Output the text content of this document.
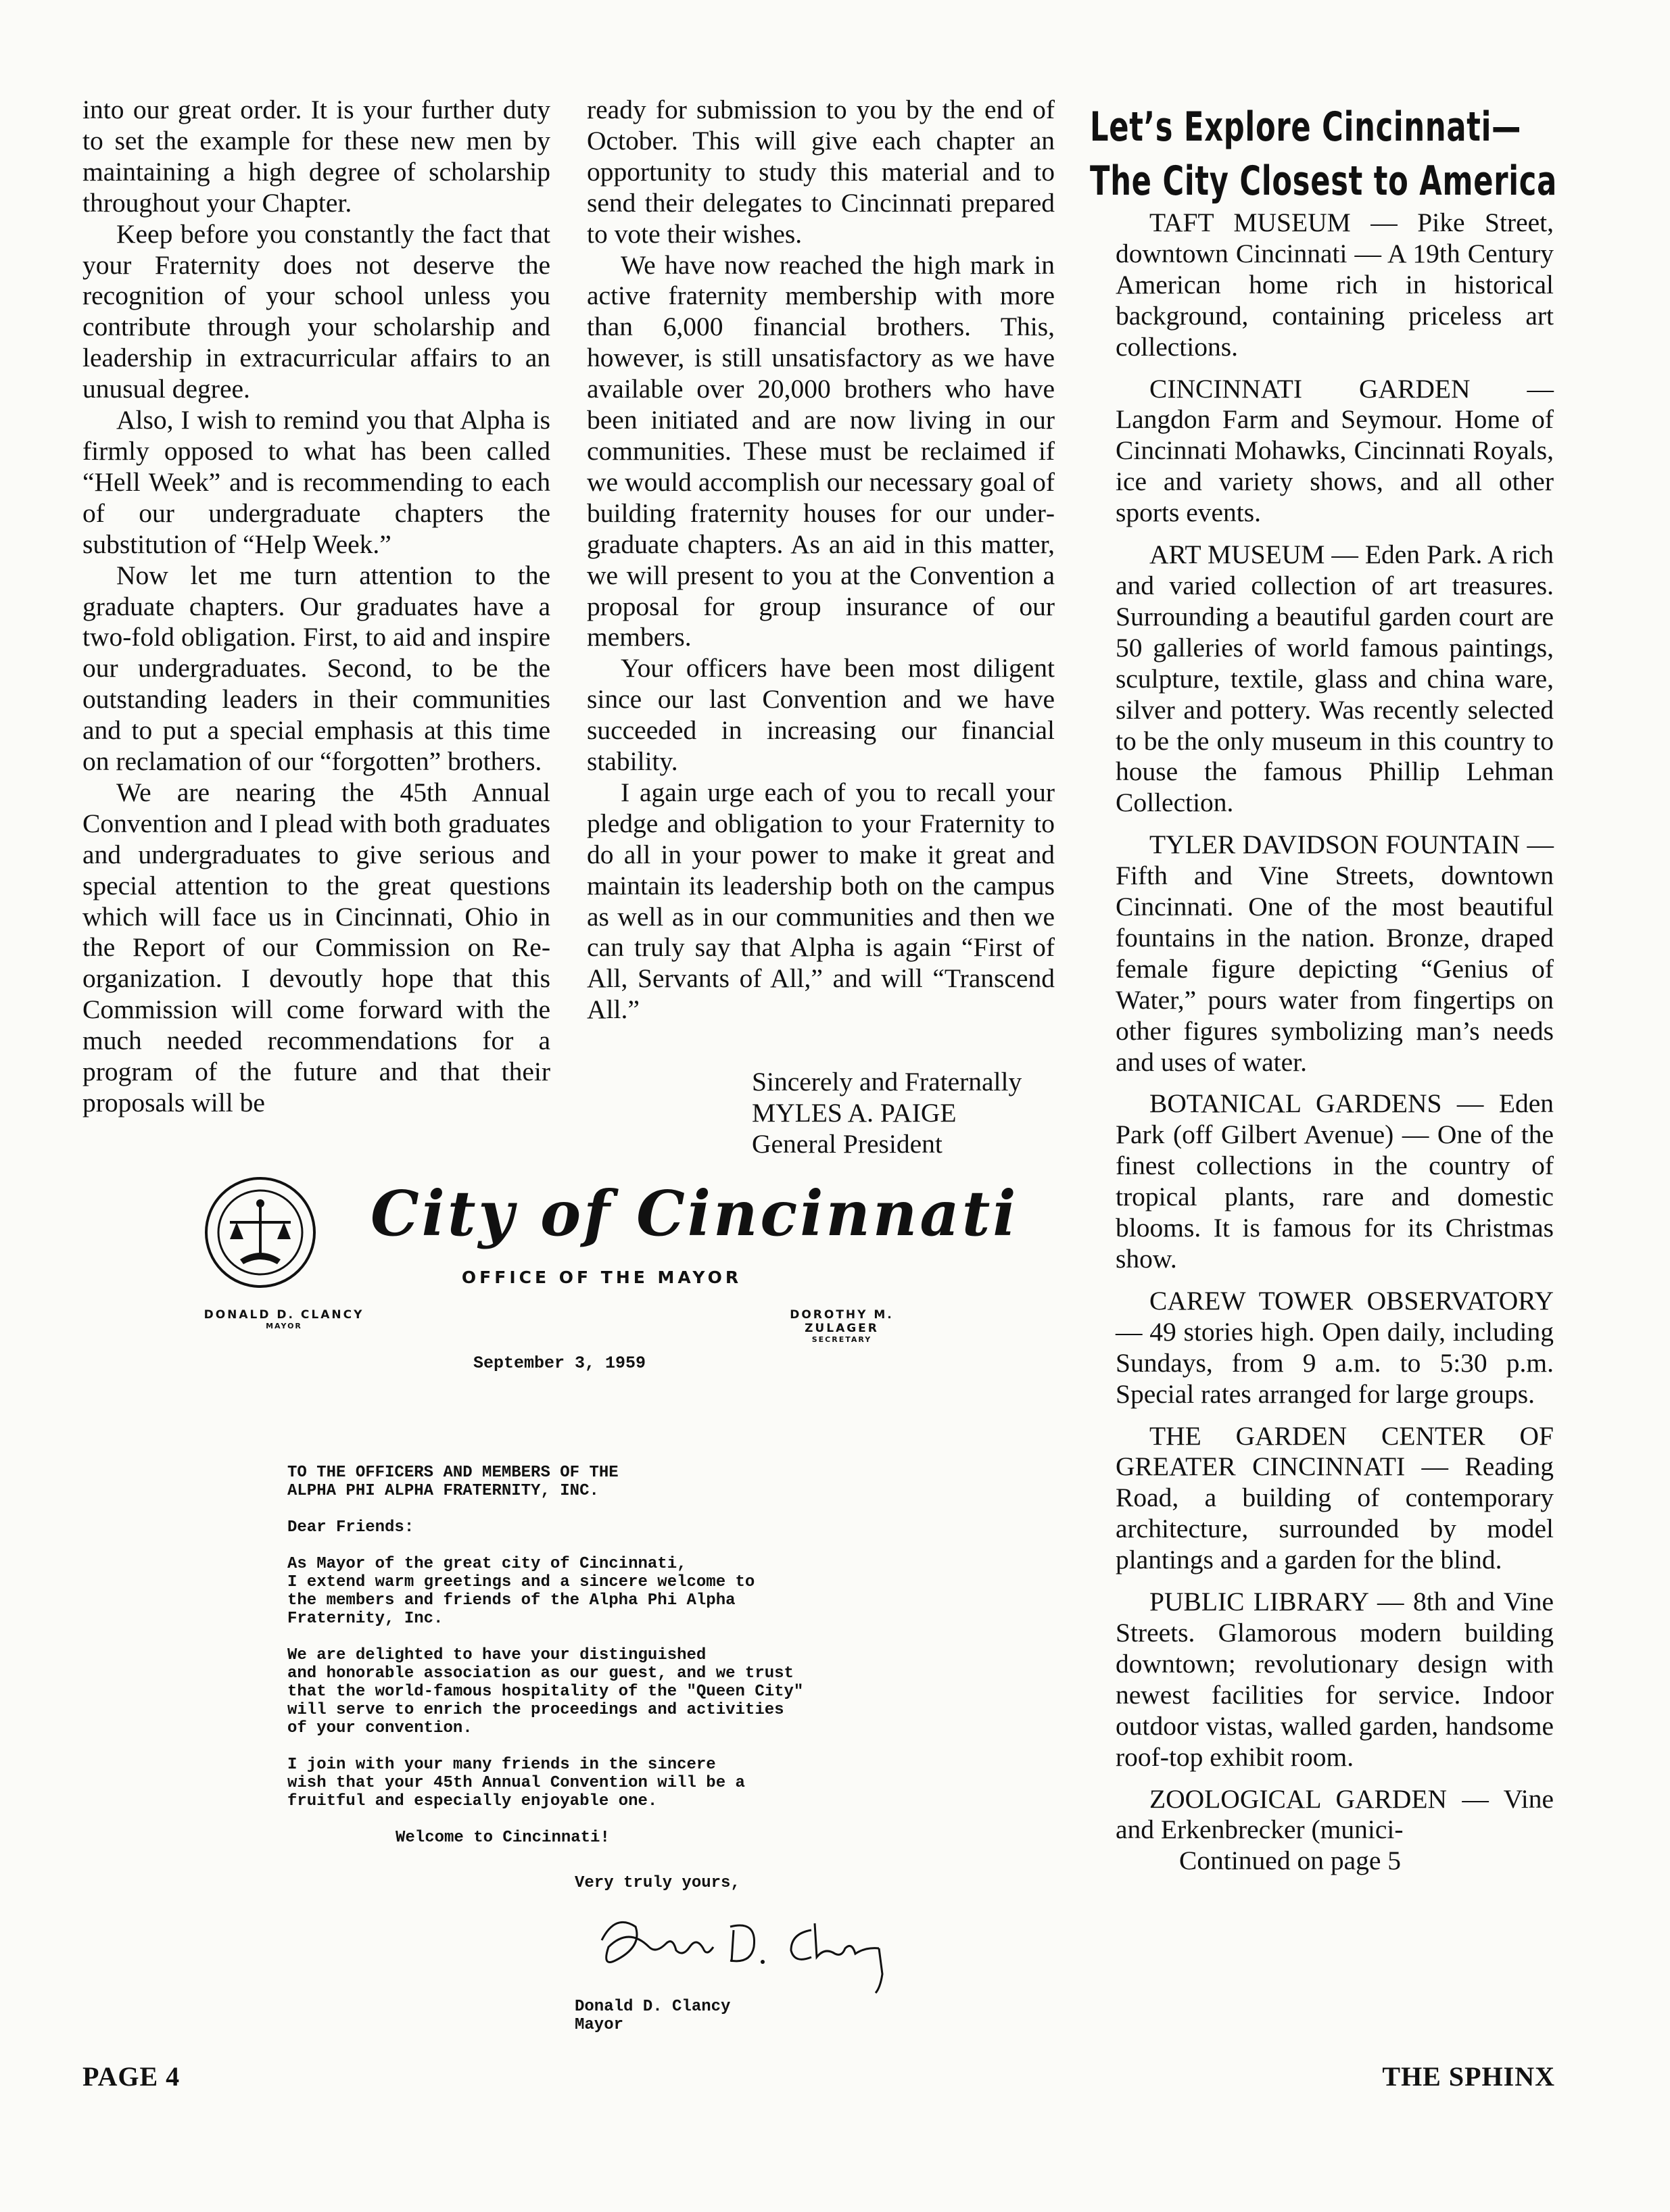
into our great order. It is your further duty to set the example for these new men by maintaining a high degree of scholarship throughout your Chapter.

Keep before you constantly the fact that your Fraternity does not deserve the recognition of your school unless you contribute through your scholarship and leadership in extracurricular affairs to an unusual degree.

Also, I wish to remind you that Alpha is firmly opposed to what has been called “Hell Week” and is recommending to each of our undergraduate chapters the substitution of “Help Week.”

Now let me turn attention to the graduate chapters. Our graduates have a two-fold obligation. First, to aid and inspire our undergraduates. Second, to be the outstanding leaders in their communities and to put a special emphasis at this time on reclamation of our “forgotten” brothers.

We are nearing the 45th Annual Convention and I plead with both graduates and undergraduates to give serious and special attention to the great questions which will face us in Cincinnati, Ohio in the Report of our Commission on Re-organization. I devoutly hope that this Commission will come forward with the much needed recommendations for a program of the future and that their proposals will be

ready for submission to you by the end of October. This will give each chapter an opportunity to study this material and to send their delegates to Cincinnati prepared to vote their wishes.

We have now reached the high mark in active fraternity membership with more than 6,000 financial brothers. This, however, is still unsatisfactory as we have available over 20,000 brothers who have been initiated and are now living in our communities. These must be reclaimed if we would accomplish our necessary goal of building fraternity houses for our undergraduate chapters. As an aid in this matter, we will present to you at the Convention a proposal for group insurance of our members.

Your officers have been most diligent since our last Convention and we have succeeded in increasing our financial stability.

I again urge each of you to recall your pledge and obligation to your Fraternity to do all in your power to make it great and maintain its leadership both on the campus as well as in our communities and then we can truly say that Alpha is again “First of All, Servants of All,” and will “Transcend All.”

Sincerely and Fraternally
MYLES A. PAIGE
General President
Let’s Explore Cincinnati—
The City Closest to America

TAFT MUSEUM — Pike Street, downtown Cincinnati — A 19th Century American home rich in historical background, containing priceless art collections.

CINCINNATI GARDEN — Langdon Farm and Seymour. Home of Cincinnati Mohawks, Cincinnati Royals, ice and variety shows, and all other sports events.

ART MUSEUM — Eden Park. A rich and varied collection of art treasures. Surrounding a beautiful garden court are 50 galleries of world famous paintings, sculpture, textile, glass and china ware, silver and pottery. Was recently selected to be the only museum in this country to house the famous Phillip Lehman Collection.

TYLER DAVIDSON FOUNTAIN — Fifth and Vine Streets, downtown Cincinnati. One of the most beautiful fountains in the nation. Bronze, draped female figure depicting “Genius of Water,” pours water from fingertips on other figures symbolizing man’s needs and uses of water.

BOTANICAL GARDENS — Eden Park (off Gilbert Avenue) — One of the finest collections in the country of tropical plants, rare and domestic blooms. It is famous for its Christmas show.

CAREW TOWER OBSERVATORY — 49 stories high. Open daily, including Sundays, from 9 a.m. to 5:30 p.m. Special rates arranged for large groups.

THE GARDEN CENTER OF GREATER CINCINNATI — Reading Road, a building of contemporary architecture, surrounded by model plantings and a garden for the blind.

PUBLIC LIBRARY — 8th and Vine Streets. Glamorous modern building downtown; revolutionary design with newest facilities for service. Indoor outdoor vistas, walled garden, handsome roof-top exhibit room.

ZOOLOGICAL GARDEN — Vine and Erkenbrecker (munici-

Continued on page 5

City of Cincinnati
OFFICE OF THE MAYOR
DONALD D. CLANCY
MAYOR
DOROTHY M. ZULAGER
SECRETARY
September 3, 1959

TO THE OFFICERS AND MEMBERS OF THE
ALPHA PHI ALPHA FRATERNITY, INC.

Dear Friends:

As Mayor of the great city of Cincinnati,
I extend warm greetings and a sincere welcome to
the members and friends of the Alpha Phi Alpha
Fraternity, Inc.

We are delighted to have your distinguished
and honorable association as our guest, and we trust
that the world-famous hospitality of the "Queen City"
will serve to enrich the proceedings and activities
of your convention.

I join with your many friends in the sincere
wish that your 45th Annual Convention will be a
fruitful and especially enjoyable one.

Welcome to Cincinnati!

Very truly yours,
Donald D. Clancy
Mayor
PAGE 4	THE SPHINX
